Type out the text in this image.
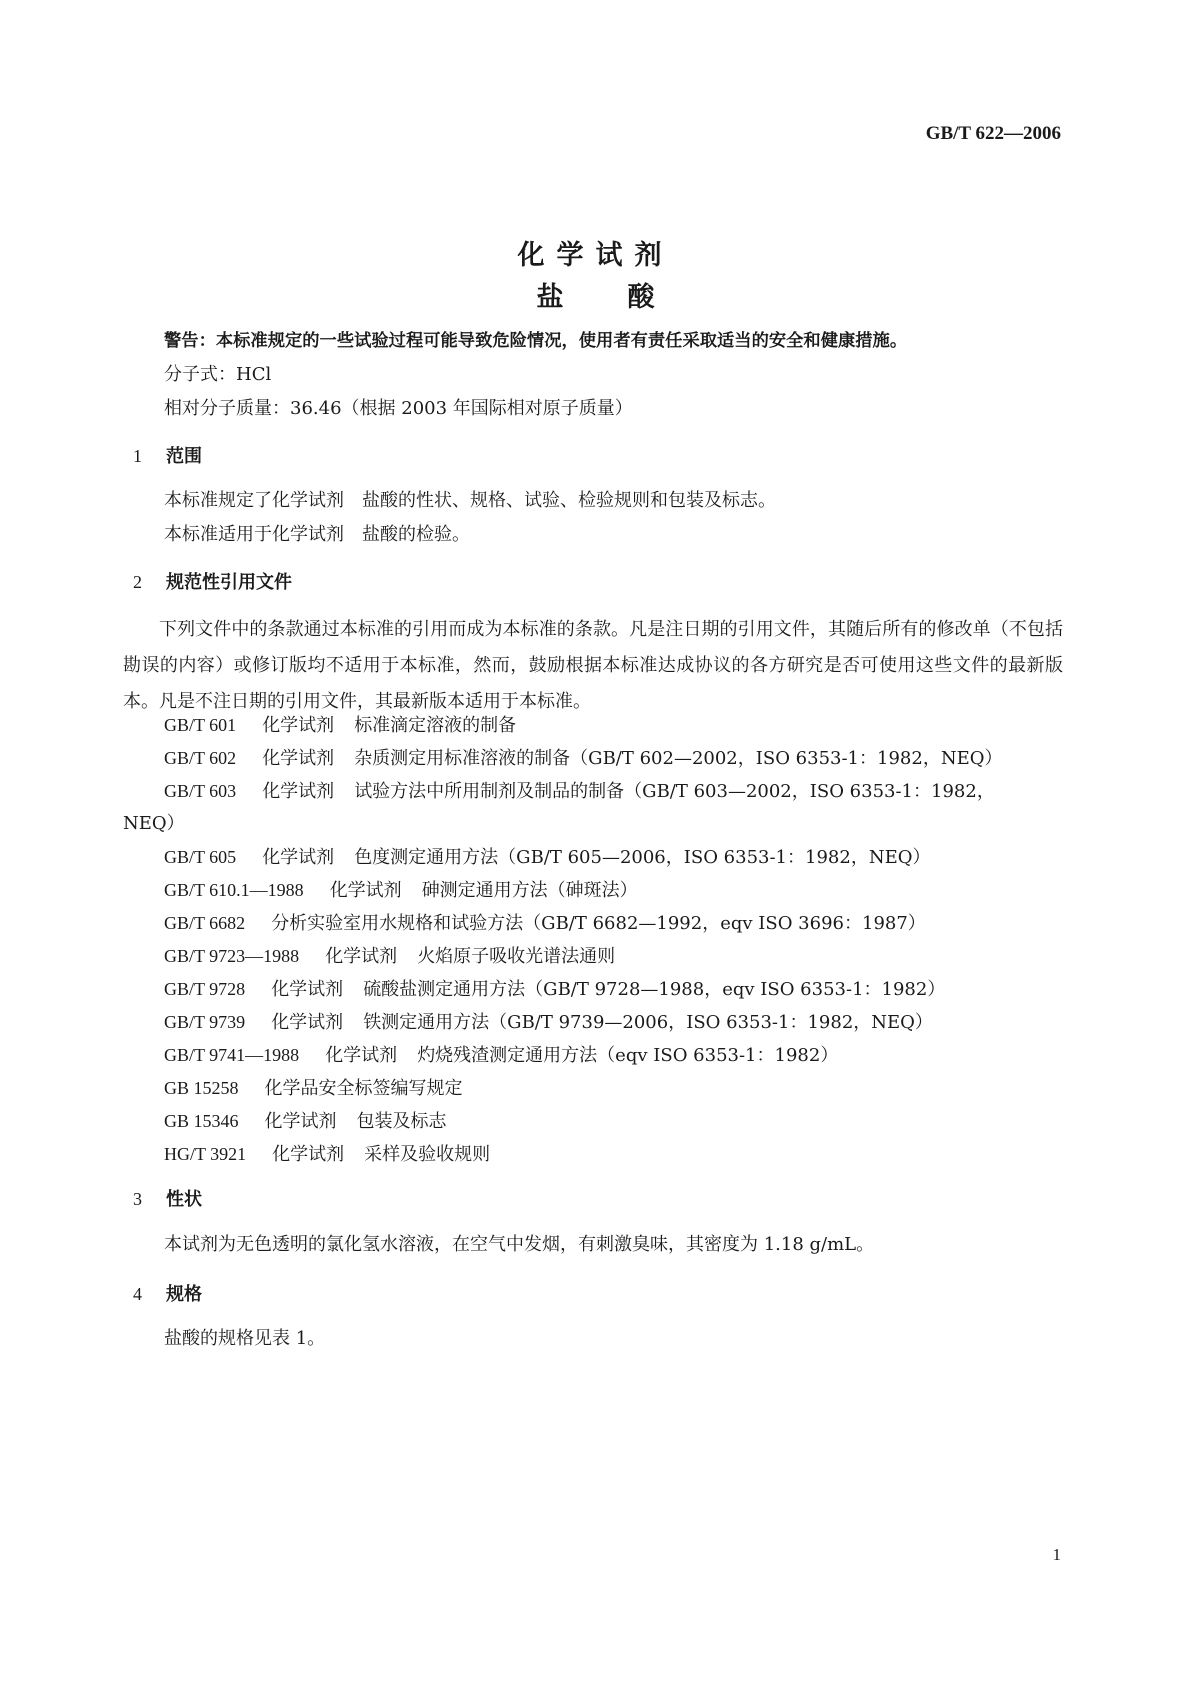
GB/T 622—2006
化学试剂
盐 酸
警告：本标准规定的一些试验过程可能导致危险情况，使用者有责任采取适当的安全和健康措施。
分子式：HCl
相对分子质量：36.46（根据 2003 年国际相对原子质量）
1 范围
本标准规定了化学试剂　盐酸的性状、规格、试验、检验规则和包装及标志。
本标准适用于化学试剂　盐酸的检验。
2 规范性引用文件
下列文件中的条款通过本标准的引用而成为本标准的条款。凡是注日期的引用文件，其随后所有的修改单（不包括勘误的内容）或修订版均不适用于本标准，然而，鼓励根据本标准达成协议的各方研究是否可使用这些文件的最新版本。凡是不注日期的引用文件，其最新版本适用于本标准。
GB/T 601 化学试剂 标准滴定溶液的制备
GB/T 602 化学试剂 杂质测定用标准溶液的制备（GB/T 602—2002，ISO 6353-1：1982，NEQ）
GB/T 603 化学试剂 试验方法中所用制剂及制品的制备（GB/T 603—2002，ISO 6353-1：1982，
NEQ）
GB/T 605 化学试剂 色度测定通用方法（GB/T 605—2006，ISO 6353-1：1982，NEQ）
GB/T 610.1—1988 化学试剂 砷测定通用方法（砷斑法）
GB/T 6682 分析实验室用水规格和试验方法（GB/T 6682—1992，eqv ISO 3696：1987）
GB/T 9723—1988 化学试剂 火焰原子吸收光谱法通则
GB/T 9728 化学试剂 硫酸盐测定通用方法（GB/T 9728—1988，eqv ISO 6353-1：1982）
GB/T 9739 化学试剂 铁测定通用方法（GB/T 9739—2006，ISO 6353-1：1982，NEQ）
GB/T 9741—1988 化学试剂 灼烧残渣测定通用方法（eqv ISO 6353-1：1982）
GB 15258 化学品安全标签编写规定
GB 15346 化学试剂 包装及标志
HG/T 3921 化学试剂 采样及验收规则
3 性状
本试剂为无色透明的氯化氢水溶液，在空气中发烟，有刺激臭味，其密度为 1.18 g/mL。
4 规格
盐酸的规格见表 1。
1
